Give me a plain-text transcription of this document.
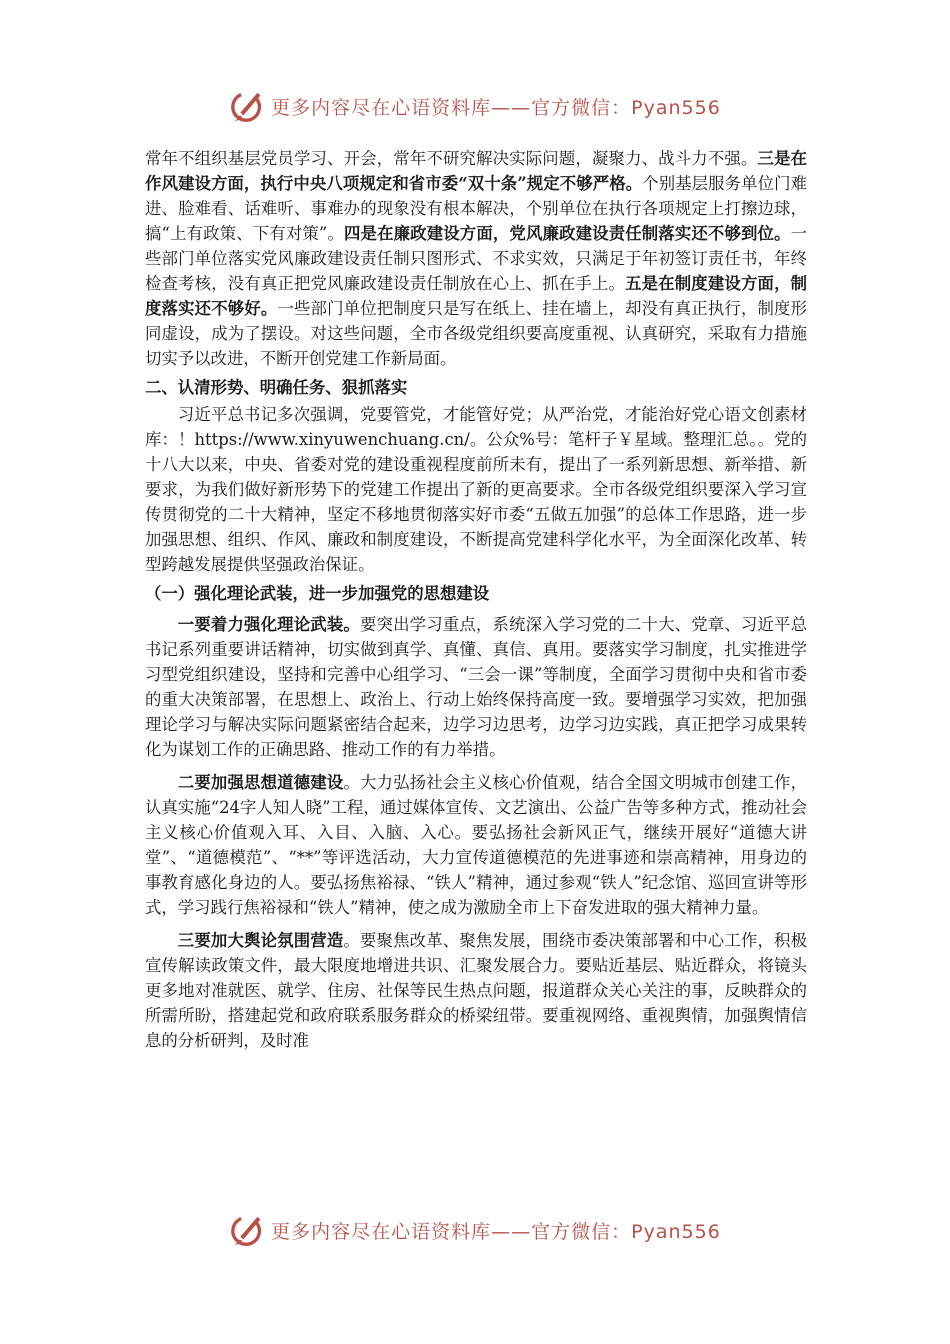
更多内容尽在心语资料库——官方微信：Pyan556

常年不组织基层党员学习、开会，常年不研究解决实际问题，凝聚力、战斗力不强。三是在作风建设方面，执行中央八项规定和省市委“双十条”规定不够严格。个别基层服务单位门难进、脸难看、话难听、事难办的现象没有根本解决，个别单位在执行各项规定上打擦边球，搞“上有政策、下有对策”。四是在廉政建设方面，党风廉政建设责任制落实还不够到位。一些部门单位落实党风廉政建设责任制只图形式、不求实效，只满足于年初签订责任书，年终检查考核，没有真正把党风廉政建设责任制放在心上、抓在手上。五是在制度建设方面，制度落实还不够好。一些部门单位把制度只是写在纸上、挂在墙上，却没有真正执行，制度形同虚设，成为了摆设。对这些问题，全市各级党组织要高度重视、认真研究，采取有力措施切实予以改进，不断开创党建工作新局面。

二、认清形势、明确任务、狠抓落实

习近平总书记多次强调，党要管党，才能管好党；从严治党，才能治好党心语文创素材库：！https://www.xinyuwenchuang.cn/。公众%号：笔杆子￥星域。整理汇总。。党的十八大以来，中央、省委对党的建设重视程度前所未有，提出了一系列新思想、新举措、新要求，为我们做好新形势下的党建工作提出了新的更高要求。全市各级党组织要深入学习宣传贯彻党的二十大精神，坚定不移地贯彻落实好市委“五做五加强”的总体工作思路，进一步加强思想、组织、作风、廉政和制度建设，不断提高党建科学化水平，为全面深化改革、转型跨越发展提供坚强政治保证。

（一）强化理论武装，进一步加强党的思想建设

一要着力强化理论武装。要突出学习重点，系统深入学习党的二十大、党章、习近平总书记系列重要讲话精神，切实做到真学、真懂、真信、真用。要落实学习制度，扎实推进学习型党组织建设，坚持和完善中心组学习、“三会一课”等制度，全面学习贯彻中央和省市委的重大决策部署，在思想上、政治上、行动上始终保持高度一致。要增强学习实效，把加强理论学习与解决实际问题紧密结合起来，边学习边思考，边学习边实践，真正把学习成果转化为谋划工作的正确思路、推动工作的有力举措。

二要加强思想道德建设。大力弘扬社会主义核心价值观，结合全国文明城市创建工作，认真实施“24字人知人晓”工程，通过媒体宣传、文艺演出、公益广告等多种方式，推动社会主义核心价值观入耳、入目、入脑、入心。要弘扬社会新风正气，继续开展好“道德大讲堂”、“道德模范”、“**”等评选活动，大力宣传道德模范的先进事迹和崇高精神，用身边的事教育感化身边的人。要弘扬焦裕禄、“铁人”精神，通过参观“铁人”纪念馆、巡回宣讲等形式，学习践行焦裕禄和“铁人”精神，使之成为激励全市上下奋发进取的强大精神力量。

三要加大舆论氛围营造。要聚焦改革、聚焦发展，围绕市委决策部署和中心工作，积极宣传解读政策文件，最大限度地增进共识、汇聚发展合力。要贴近基层、贴近群众，将镜头更多地对准就医、就学、住房、社保等民生热点问题，报道群众关心关注的事，反映群众的所需所盼，搭建起党和政府联系服务群众的桥梁纽带。要重视网络、重视舆情，加强舆情信息的分析研判，及时准

更多内容尽在心语资料库——官方微信：Pyan556
